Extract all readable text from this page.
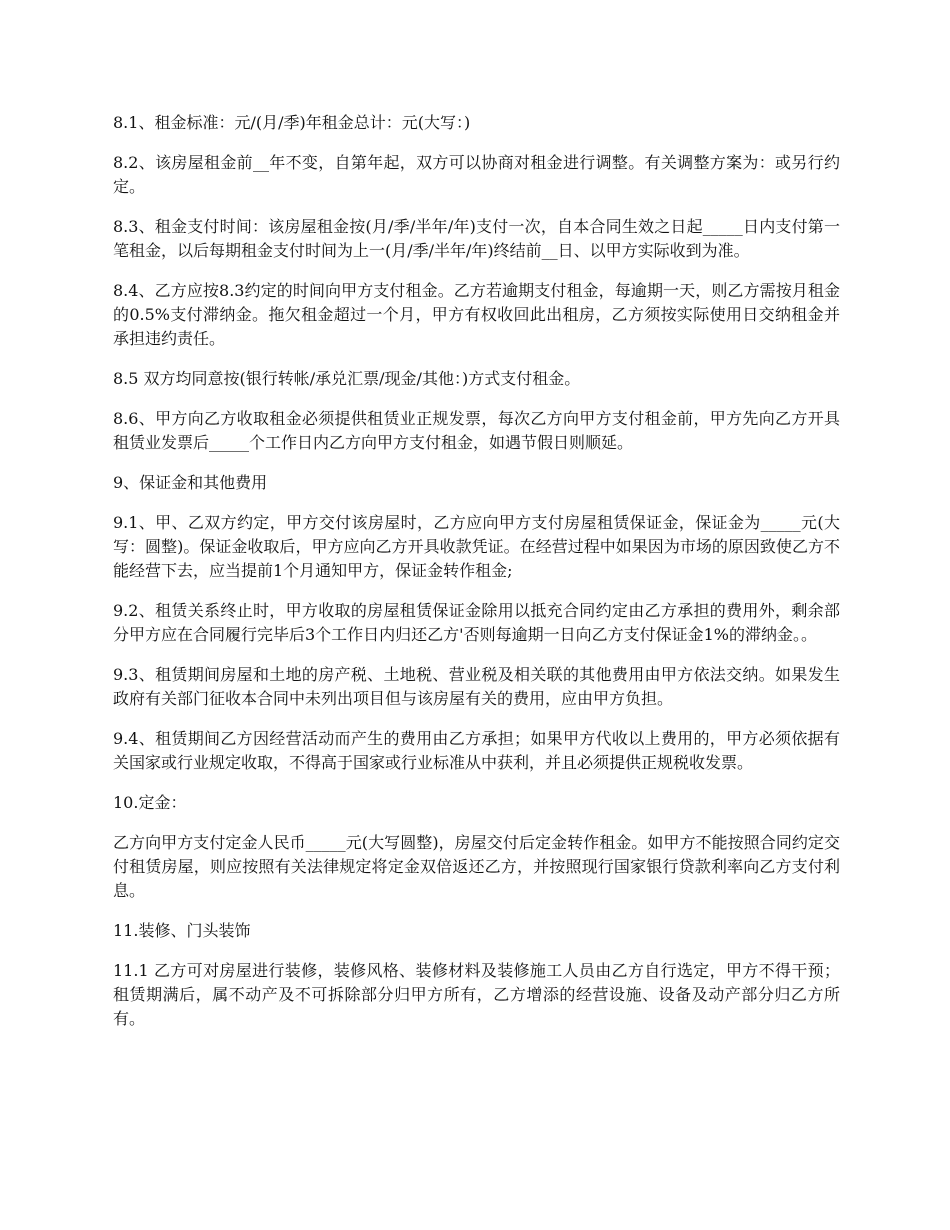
8.1、租金标准：元/(月/季)年租金总计：元(大写：)

8.2、该房屋租金前__年不变，自第年起，双方可以协商对租金进行调整。有关调整方案为：或另行约定。

8.3、租金支付时间：该房屋租金按(月/季/半年/年)支付一次，自本合同生效之日起_____日内支付第一笔租金，以后每期租金支付时间为上一(月/季/半年/年)终结前__日、以甲方实际收到为准。

8.4、乙方应按8.3约定的时间向甲方支付租金。乙方若逾期支付租金，每逾期一天，则乙方需按月租金的0.5%支付滞纳金。拖欠租金超过一个月，甲方有权收回此出租房，乙方须按实际使用日交纳租金并承担违约责任。

8.5 双方均同意按(银行转帐/承兑汇票/现金/其他：)方式支付租金。

8.6、甲方向乙方收取租金必须提供租赁业正规发票，每次乙方向甲方支付租金前，甲方先向乙方开具租赁业发票后_____个工作日内乙方向甲方支付租金，如遇节假日则顺延。

9、保证金和其他费用

9.1、甲、乙双方约定，甲方交付该房屋时，乙方应向甲方支付房屋租赁保证金，保证金为_____元(大写：圆整)。保证金收取后，甲方应向乙方开具收款凭证。在经营过程中如果因为市场的原因致使乙方不能经营下去，应当提前1个月通知甲方，保证金转作租金;

9.2、租赁关系终止时，甲方收取的房屋租赁保证金除用以抵充合同约定由乙方承担的费用外，剩余部分甲方应在合同履行完毕后3个工作日内归还乙方'否则每逾期一日向乙方支付保证金1%的滞纳金。。

9.3、租赁期间房屋和土地的房产税、土地税、营业税及相关联的其他费用由甲方依法交纳。如果发生政府有关部门征收本合同中未列出项目但与该房屋有关的费用，应由甲方负担。

9.4、租赁期间乙方因经营活动而产生的费用由乙方承担；如果甲方代收以上费用的，甲方必须依据有关国家或行业规定收取，不得高于国家或行业标准从中获利，并且必须提供正规税收发票。

10.定金：

乙方向甲方支付定金人民币_____元(大写圆整)，房屋交付后定金转作租金。如甲方不能按照合同约定交付租赁房屋，则应按照有关法律规定将定金双倍返还乙方，并按照现行国家银行贷款利率向乙方支付利息。

11.装修、门头装饰

11.1 乙方可对房屋进行装修，装修风格、装修材料及装修施工人员由乙方自行选定，甲方不得干预；租赁期满后，属不动产及不可拆除部分归甲方所有，乙方增添的经营设施、设备及动产部分归乙方所有。
